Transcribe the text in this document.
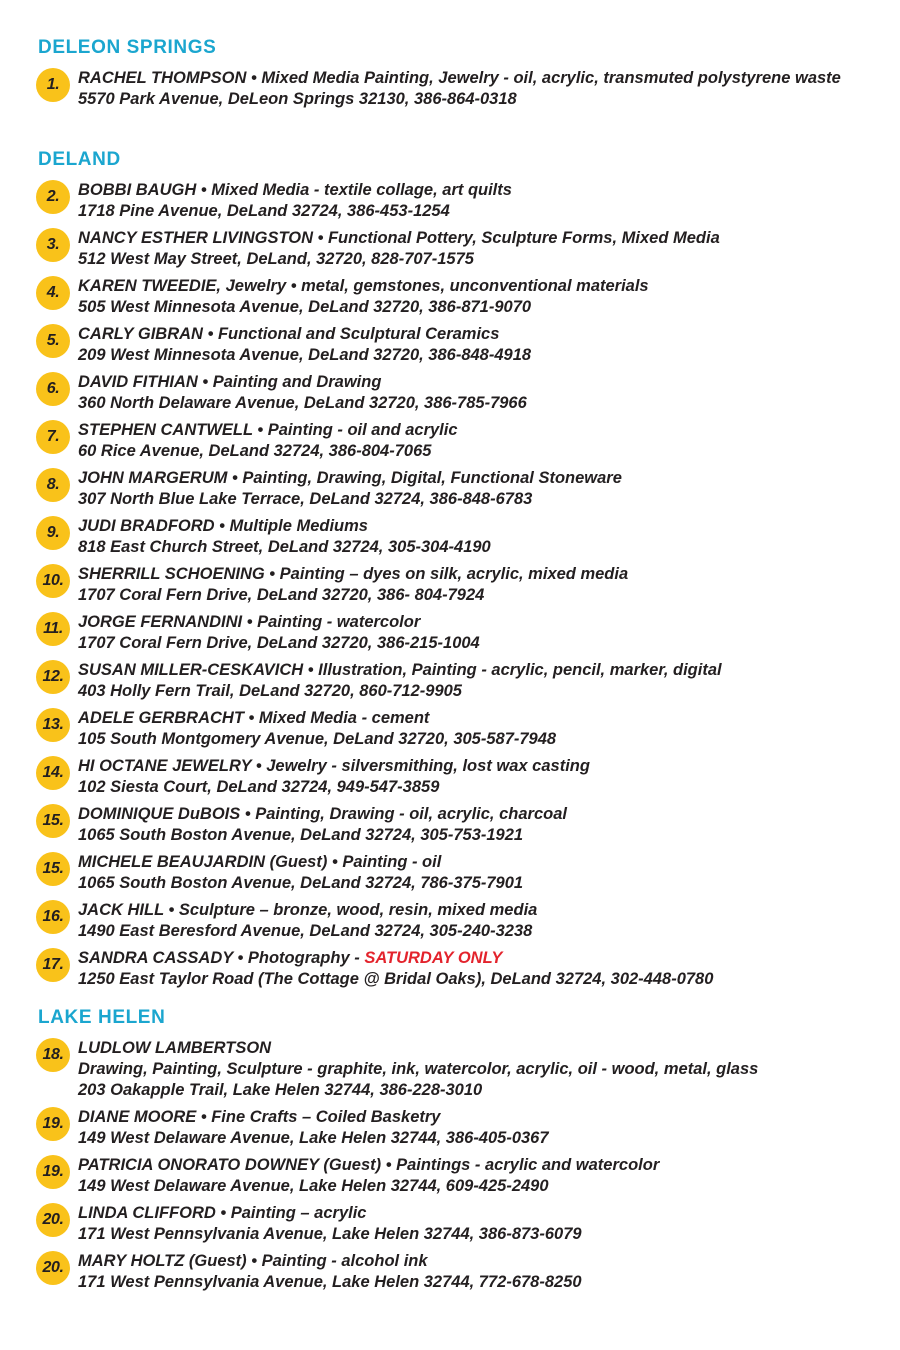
DELEON SPRINGS
1.	RACHEL THOMPSON • Mixed Media Painting, Jewelry - oil, acrylic, transmuted polystyrene waste
5570 Park Avenue, DeLeon Springs 32130, 386-864-0318
DELAND
2.	BOBBI BAUGH • Mixed Media - textile collage, art quilts
1718 Pine Avenue, DeLand 32724, 386-453-1254
3.	NANCY ESTHER LIVINGSTON • Functional Pottery, Sculpture Forms, Mixed Media
512 West May Street, DeLand, 32720, 828-707-1575
4.	KAREN TWEEDIE, Jewelry • metal, gemstones, unconventional materials
505 West Minnesota Avenue, DeLand 32720, 386-871-9070
5.	CARLY GIBRAN • Functional and Sculptural Ceramics
209 West Minnesota Avenue, DeLand 32720, 386-848-4918
6.	DAVID FITHIAN • Painting and Drawing
360 North Delaware Avenue, DeLand 32720, 386-785-7966
7.	STEPHEN CANTWELL • Painting - oil and acrylic
60 Rice Avenue, DeLand 32724, 386-804-7065
8.	JOHN MARGERUM • Painting, Drawing, Digital, Functional Stoneware
307 North Blue Lake Terrace, DeLand 32724, 386-848-6783
9.	JUDI BRADFORD • Multiple Mediums
818 East Church Street, DeLand 32724, 305-304-4190
10. SHERRILL SCHOENING • Painting – dyes on silk, acrylic, mixed media
1707 Coral Fern Drive, DeLand 32720, 386- 804-7924
11. JORGE FERNANDINI • Painting - watercolor
1707 Coral Fern Drive, DeLand 32720, 386-215-1004
12. SUSAN MILLER-CESKAVICH • Illustration, Painting - acrylic, pencil, marker, digital
403 Holly Fern Trail, DeLand 32720, 860-712-9905
13. ADELE GERBRACHT • Mixed Media - cement
105 South Montgomery Avenue, DeLand 32720, 305-587-7948
14. HI OCTANE JEWELRY • Jewelry - silversmithing, lost wax casting
102 Siesta Court, DeLand 32724, 949-547-3859
15. DOMINIQUE DuBOIS • Painting, Drawing - oil, acrylic, charcoal
1065 South Boston Avenue, DeLand 32724, 305-753-1921
15. MICHELE BEAUJARDIN (Guest) • Painting - oil
1065 South Boston Avenue, DeLand 32724, 786-375-7901
16. JACK HILL • Sculpture – bronze, wood, resin, mixed media
1490 East Beresford Avenue, DeLand 32724, 305-240-3238
17. SANDRA CASSADY • Photography - SATURDAY ONLY
1250 East Taylor Road (The Cottage @ Bridal Oaks), DeLand 32724, 302-448-0780
LAKE HELEN
18. LUDLOW LAMBERTSON
Drawing, Painting, Sculpture - graphite, ink, watercolor, acrylic, oil - wood, metal, glass
203 Oakapple Trail, Lake Helen 32744, 386-228-3010
19. DIANE MOORE • Fine Crafts – Coiled Basketry
149 West Delaware Avenue, Lake Helen 32744, 386-405-0367
19. PATRICIA ONORATO DOWNEY (Guest) • Paintings - acrylic and watercolor
149 West Delaware Avenue, Lake Helen 32744, 609-425-2490
20. LINDA CLIFFORD • Painting – acrylic
171 West Pennsylvania Avenue, Lake Helen 32744, 386-873-6079
20. MARY HOLTZ (Guest) • Painting - alcohol ink
171 West Pennsylvania Avenue, Lake Helen 32744, 772-678-8250
